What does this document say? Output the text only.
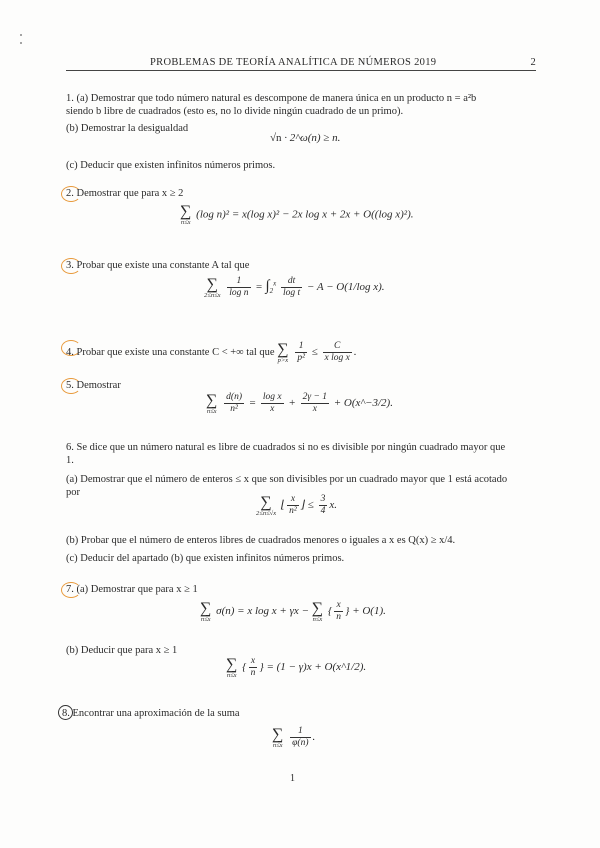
PROBLEMAS DE TEORÍA ANALÍTICA DE NÚMEROS 2019	2

1. (a) Demostrar que todo número natural es descompone de manera única en un producto n = a²b
siendo b libre de cuadrados (esto es, no lo divide ningún cuadrado de un primo).
(b) Demostrar la desigualdad
√n · 2^ω(n) ≥ n.
(c) Deducir que existen infinitos números primos.
2. Demostrar que para x ≥ 2
∑
n≤x
(log n)² = x(log x)² − 2x log x + 2x + O((log x)²).
3. Probar que existe una constante A tal que
∑
2≤n≤x
$\frac{1}{\text{log n}} = \int_2^x \frac{dt}{\text{log t}} - A - O(1/\log$ x).
4. Probar que existe una constante C < +∞ tal que ∑
p>x
$\frac{1}{\text{p²}} \le \frac{C}{\text{x log x}}$ .
5. Demostrar
∑
n≤x
$\frac{d(n)}{\text{n²}} = \frac{\text{log x}}{x} + \frac{2\gamma - 1}{x}$ + O(x^−3/2).
6. Se dice que un número natural es libre de cuadrados si no es divisible por ningún cuadrado mayor que
1.
(a) Demostrar que el número de enteros ≤ x que son divisibles por un cuadrado mayor que 1 está acotado
por
∑
2≤n≤√x
⌊ $\frac{x}{\text{n²}}$ ⌋ ≤ $\frac{3}{4} x$.
(b) Probar que el número de enteros libres de cuadrados menores o iguales a x es Q(x) ≥ x/4.
(c) Deducir del apartado (b) que existen infinitos números primos.
7. (a) Demostrar que para x ≥ 1
∑
n≤x
σ(n) = x log x + γx − ∑
n≤x
{ $\frac{x}{n}$ } + O(1).
(b) Deducir que para x ≥ 1
∑
n≤x
{ $\frac{x}{n}$ } = (1 − γ)x + O(x^1/2).
8. Encontrar una aproximación de la suma
∑
n≤x
$\frac{1}{\varphi(n)}$ .
1
